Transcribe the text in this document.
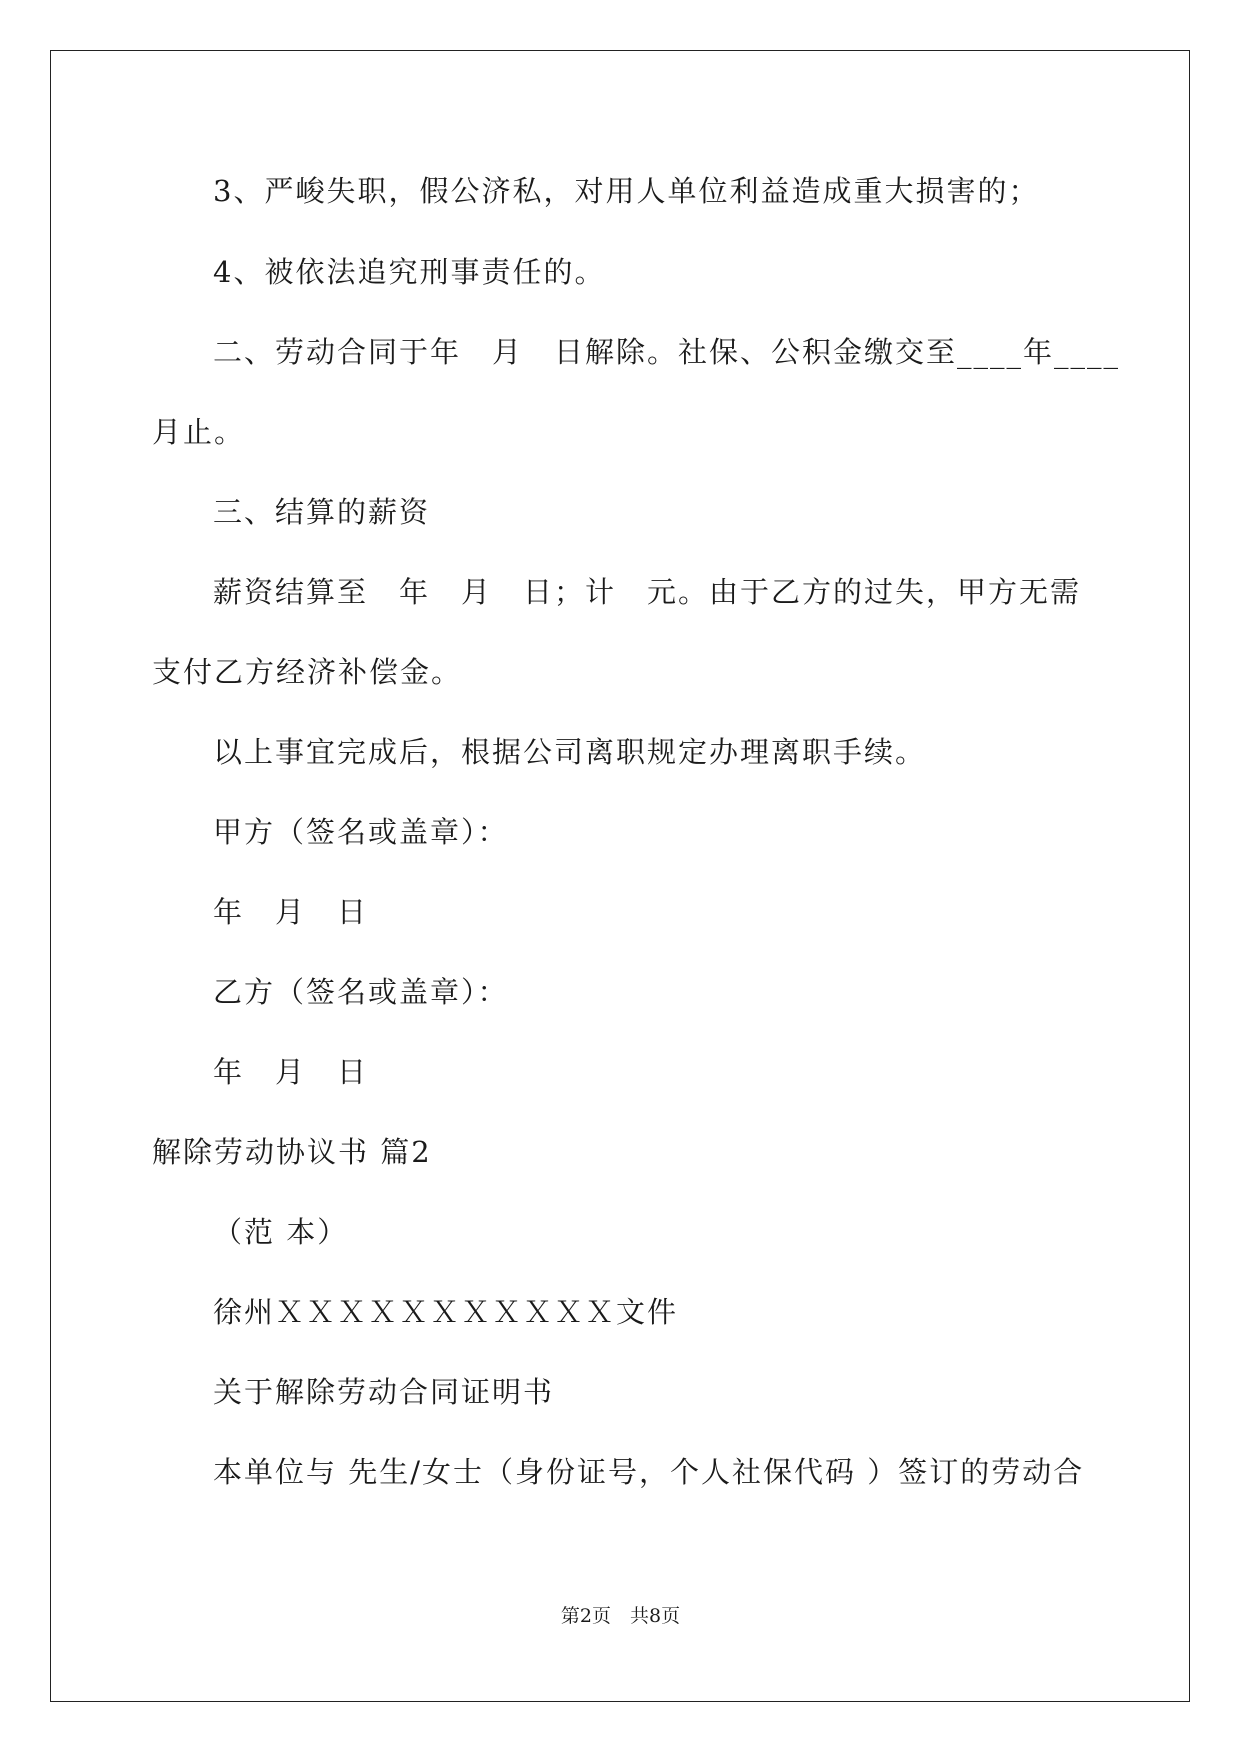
3、严峻失职，假公济私，对用人单位利益造成重大损害的；
4、被依法追究刑事责任的。
二、劳动合同于年　月　日解除。社保、公积金缴交至____年____
月止。
三、结算的薪资
薪资结算至　年　月　日；计　元。由于乙方的过失，甲方无需
支付乙方经济补偿金。
以上事宜完成后，根据公司离职规定办理离职手续。
甲方（签名或盖章）：
年　月　日
乙方（签名或盖章）：
年　月　日
解除劳动协议书 篇2
（范 本）
徐州ＸＸＸＸＸＸＸＸＸＸＸ文件
关于解除劳动合同证明书
本单位与 先生/女士（身份证号，个人社保代码 ）签订的劳动合
第2页　共8页
